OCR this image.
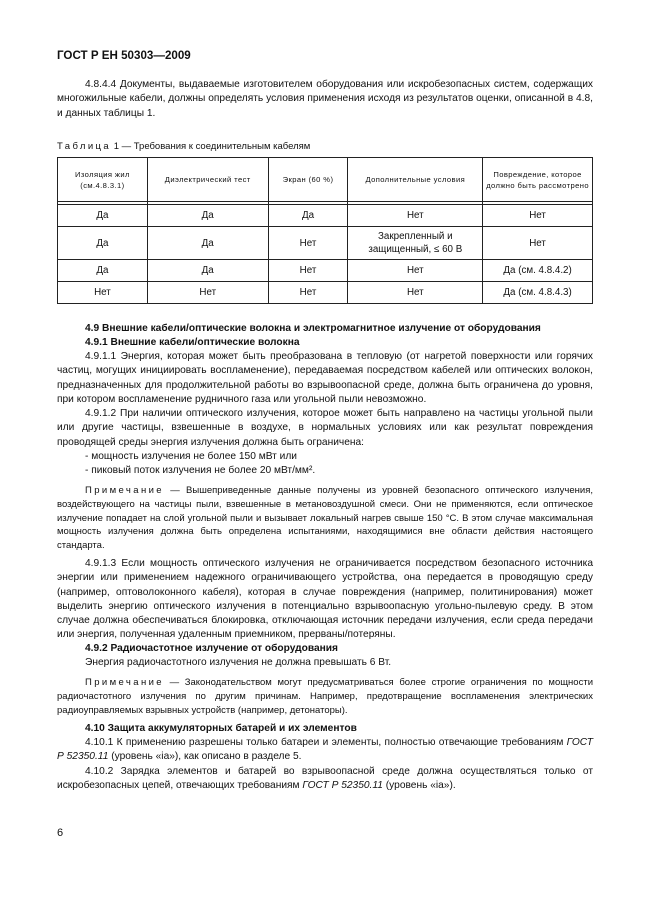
ГОСТ Р ЕН 50303—2009

4.8.4.4 Документы, выдаваемые изготовителем оборудования или искробезопасных систем, содержащих многожильные кабели, должны определять условия применения исходя из результатов оценки, описанной в 4.8, и данных таблицы 1.

Таблица 1 — Требования к соединительным кабелям
Изоляция жил (см.4.8.3.1)	Диэлектрический тест	Экран (60 %)	Дополнительные условия	Повреждение, которое должно быть рассмотрено

Да	Да	Да	Нет	Нет
Да	Да	Нет	Закрепленный и защищенный, ≤ 60 В	Нет
Да	Да	Нет	Нет	Да (см. 4.8.4.2)
Нет	Нет	Нет	Нет	Да (см. 4.8.4.3)

4.9 Внешние кабели/оптические волокна и электромагнитное излучение от оборудования

4.9.1 Внешние кабели/оптические волокна

4.9.1.1 Энергия, которая может быть преобразована в тепловую (от нагретой поверхности или горячих частиц, могущих инициировать воспламенение), передаваемая посредством кабелей или оптических волокон, предназначенных для продолжительной работы во взрывоопасной среде, должна быть ограничена до уровня, при котором воспламенение рудничного газа или угольной пыли невозможно.

4.9.1.2 При наличии оптического излучения, которое может быть направлено на частицы угольной пыли или другие частицы, взвешенные в воздухе, в нормальных условиях или как результат повреждения проводящей среды энергия излучения должна быть ограничена:

- мощность излучения не более 150 мВт или

- пиковый поток излучения не более 20 мВт/мм².

Примечание — Вышеприведенные данные получены из уровней безопасного оптического излучения, воздействующего на частицы пыли, взвешенные в метановоздушной смеси. Они не применяются, если оптическое излучение попадает на слой угольной пыли и вызывает локальный нагрев свыше 150 °С. В этом случае максимальная мощность излучения должна быть определена испытаниями, находящимися вне области действия настоящего стандарта.

4.9.1.3 Если мощность оптического излучения не ограничивается посредством безопасного источника энергии или применением надежного ограничивающего устройства, она передается в проводящую среду (например, оптоволоконного кабеля), которая в случае повреждения (например, политинирования) может выделить энергию оптического излучения в потенциально взрывоопасную угольно-пылевую среду. В этом случае должна обеспечиваться блокировка, отключающая источник передачи излучения, если среда передачи или энергия, полученная удаленным приемником, прерваны/потеряны.

4.9.2 Радиочастотное излучение от оборудования

Энергия радиочастотного излучения не должна превышать 6 Вт.

Примечание — Законодательством могут предусматриваться более строгие ограничения по мощности радиочастотного излучения по другим причинам. Например, предотвращение воспламенения электрических радиоуправляемых взрывных устройств (например, детонаторы).

4.10 Защита аккумуляторных батарей и их элементов

4.10.1 К применению разрешены только батареи и элементы, полностью отвечающие требованиям ГОСТ Р 52350.11 (уровень «ia»), как описано в разделе 5.

4.10.2 Зарядка элементов и батарей во взрывоопасной среде должна осуществляться только от искробезопасных цепей, отвечающих требованиям ГОСТ Р 52350.11 (уровень «ia»).

6
